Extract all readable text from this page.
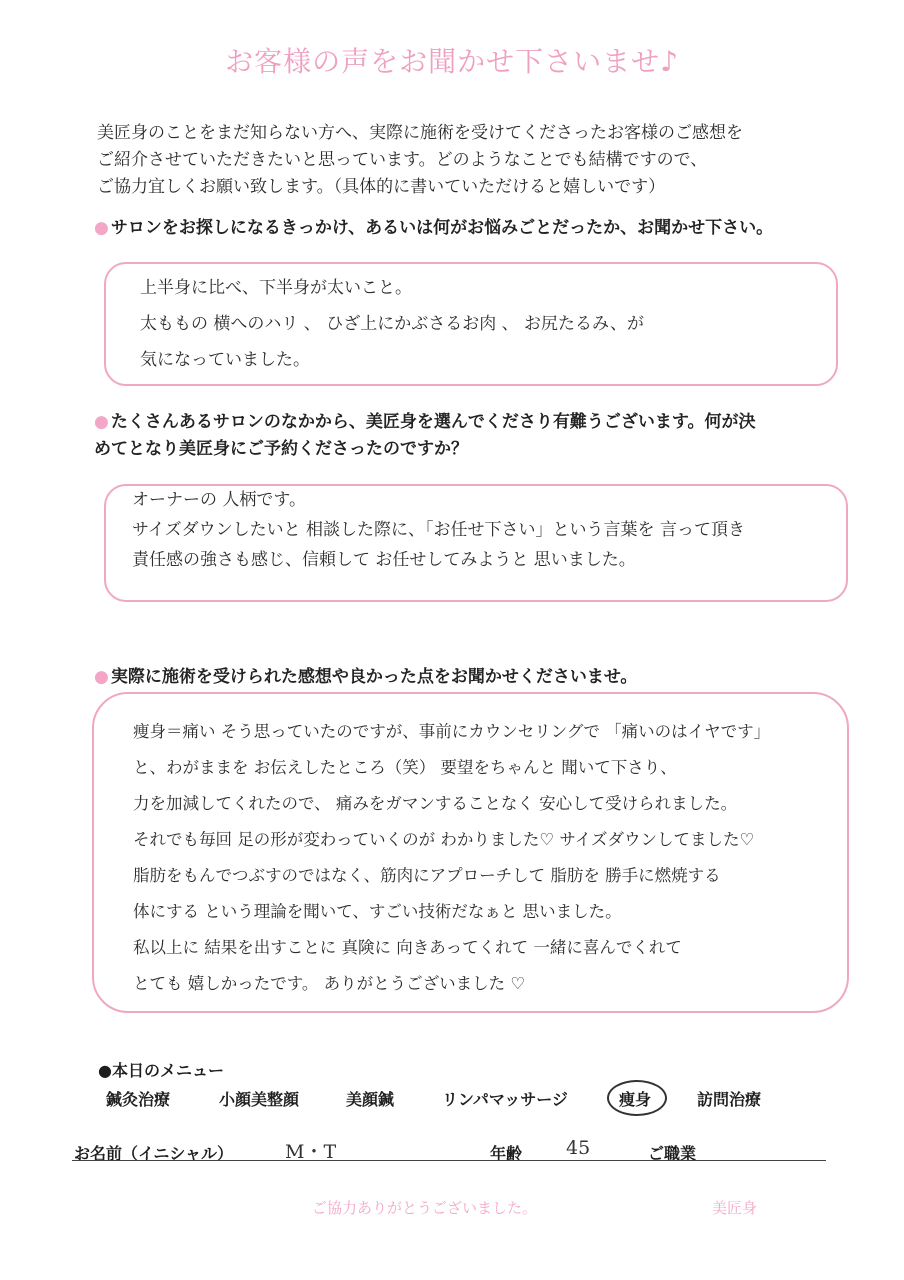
お客様の声をお聞かせ下さいませ♪

美匠身のことをまだ知らない方へ、実際に施術を受けてくださったお客様のご感想を
ご紹介させていただきたいと思っています。どのようなことでも結構ですので、
ご協力宜しくお願い致します。（具体的に書いていただけると嬉しいです）

● サロンをお探しになるきっかけ、あるいは何がお悩みごとだったか、お聞かせ下さい。

上半身に比べ、下半身が太いこと。
太ももの 横へのハリ 、 ひざ上にかぶさるお肉 、 お尻たるみ、が
気になっていました。

● たくさんあるサロンのなかから、美匠身を選んでくださり有難うございます。何が決
めてとなり美匠身にご予約くださったのですか？

オーナーの 人柄です。
サイズダウンしたいと 相談した際に、「お任せ下さい」という言葉を 言って頂き
責任感の強さも感じ、信頼して お任せしてみようと 思いました。

● 実際に施術を受けられた感想や良かった点をお聞かせくださいませ。

痩身＝痛い そう思っていたのですが、事前にカウンセリングで 「痛いのはイヤです」
と、わがままを お伝えしたところ（笑） 要望をちゃんと 聞いて下さり、
力を加減してくれたので、 痛みをガマンすることなく 安心して受けられました。
それでも毎回 足の形が変わっていくのが わかりました♡ サイズダウンしてました♡
脂肪をもんでつぶすのではなく、筋肉にアプローチして 脂肪を 勝手に燃焼する
体にする という理論を聞いて、すごい技術だなぁと 思いました。
私以上に 結果を出すことに 真険に 向きあってくれて 一緒に喜んでくれて
とても 嬉しかったです。 ありがとうございました ♡
●本日のメニュー
鍼灸治療	小顔美整顔	美顔鍼	リンパマッサージ	痩身	訪問治療
お名前（イニシャル）	M・T	年齢 45	ご職業
ご協力ありがとうございました。	美匠身
